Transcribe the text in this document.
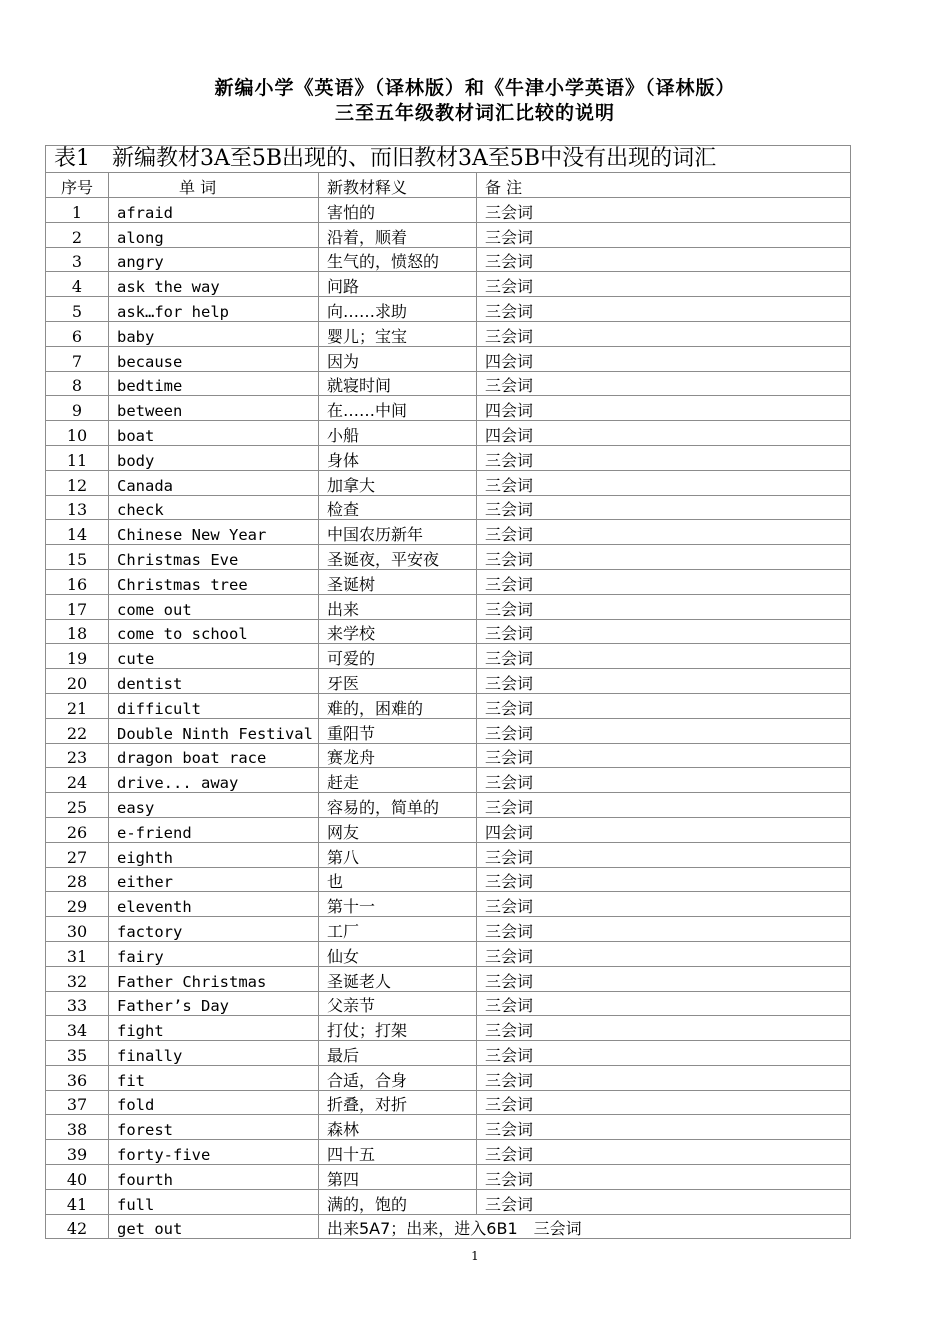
新编小学《英语》（译林版）和《牛津小学英语》（译林版）
三至五年级教材词汇比较的说明
表1　新编教材3A至5B出现的、而旧教材3A至5B中没有出现的词汇			
序号	单 词	新教材释义	备 注
1	afraid	害怕的	三会词
2	along	沿着，顺着	三会词
3	angry	生气的，愤怒的	三会词
4	ask the way	问路	三会词
5	ask…for help	向……求助	三会词
6	baby	婴儿；宝宝	三会词
7	because	因为	四会词
8	bedtime	就寝时间	三会词
9	between	在……中间	四会词
10	boat	小船	四会词
11	body	身体	三会词
12	Canada	加拿大	三会词
13	check	检查	三会词
14	Chinese New Year	中国农历新年	三会词
15	Christmas Eve	圣诞夜，平安夜	三会词
16	Christmas tree	圣诞树	三会词
17	come out	出来	三会词
18	come to school	来学校	三会词
19	cute	可爱的	三会词
20	dentist	牙医	三会词
21	difficult	难的，困难的	三会词
22	Double Ninth Festival	重阳节	三会词
23	dragon boat race	赛龙舟	三会词
24	drive... away	赶走	三会词
25	easy	容易的，简单的	三会词
26	e-friend	网友	四会词
27	eighth	第八	三会词
28	either	也	三会词
29	eleventh	第十一	三会词
30	factory	工厂	三会词
31	fairy	仙女	三会词
32	Father Christmas	圣诞老人	三会词
33	Father’s Day	父亲节	三会词
34	fight	打仗；打架	三会词
35	finally	最后	三会词
36	fit	合适，合身	三会词
37	fold	折叠，对折	三会词
38	forest	森林	三会词
39	forty-five	四十五	三会词
40	fourth	第四	三会词
41	full	满的，饱的	三会词
42	get out	出来5A7；出来，进入6B1　三会词	
1
